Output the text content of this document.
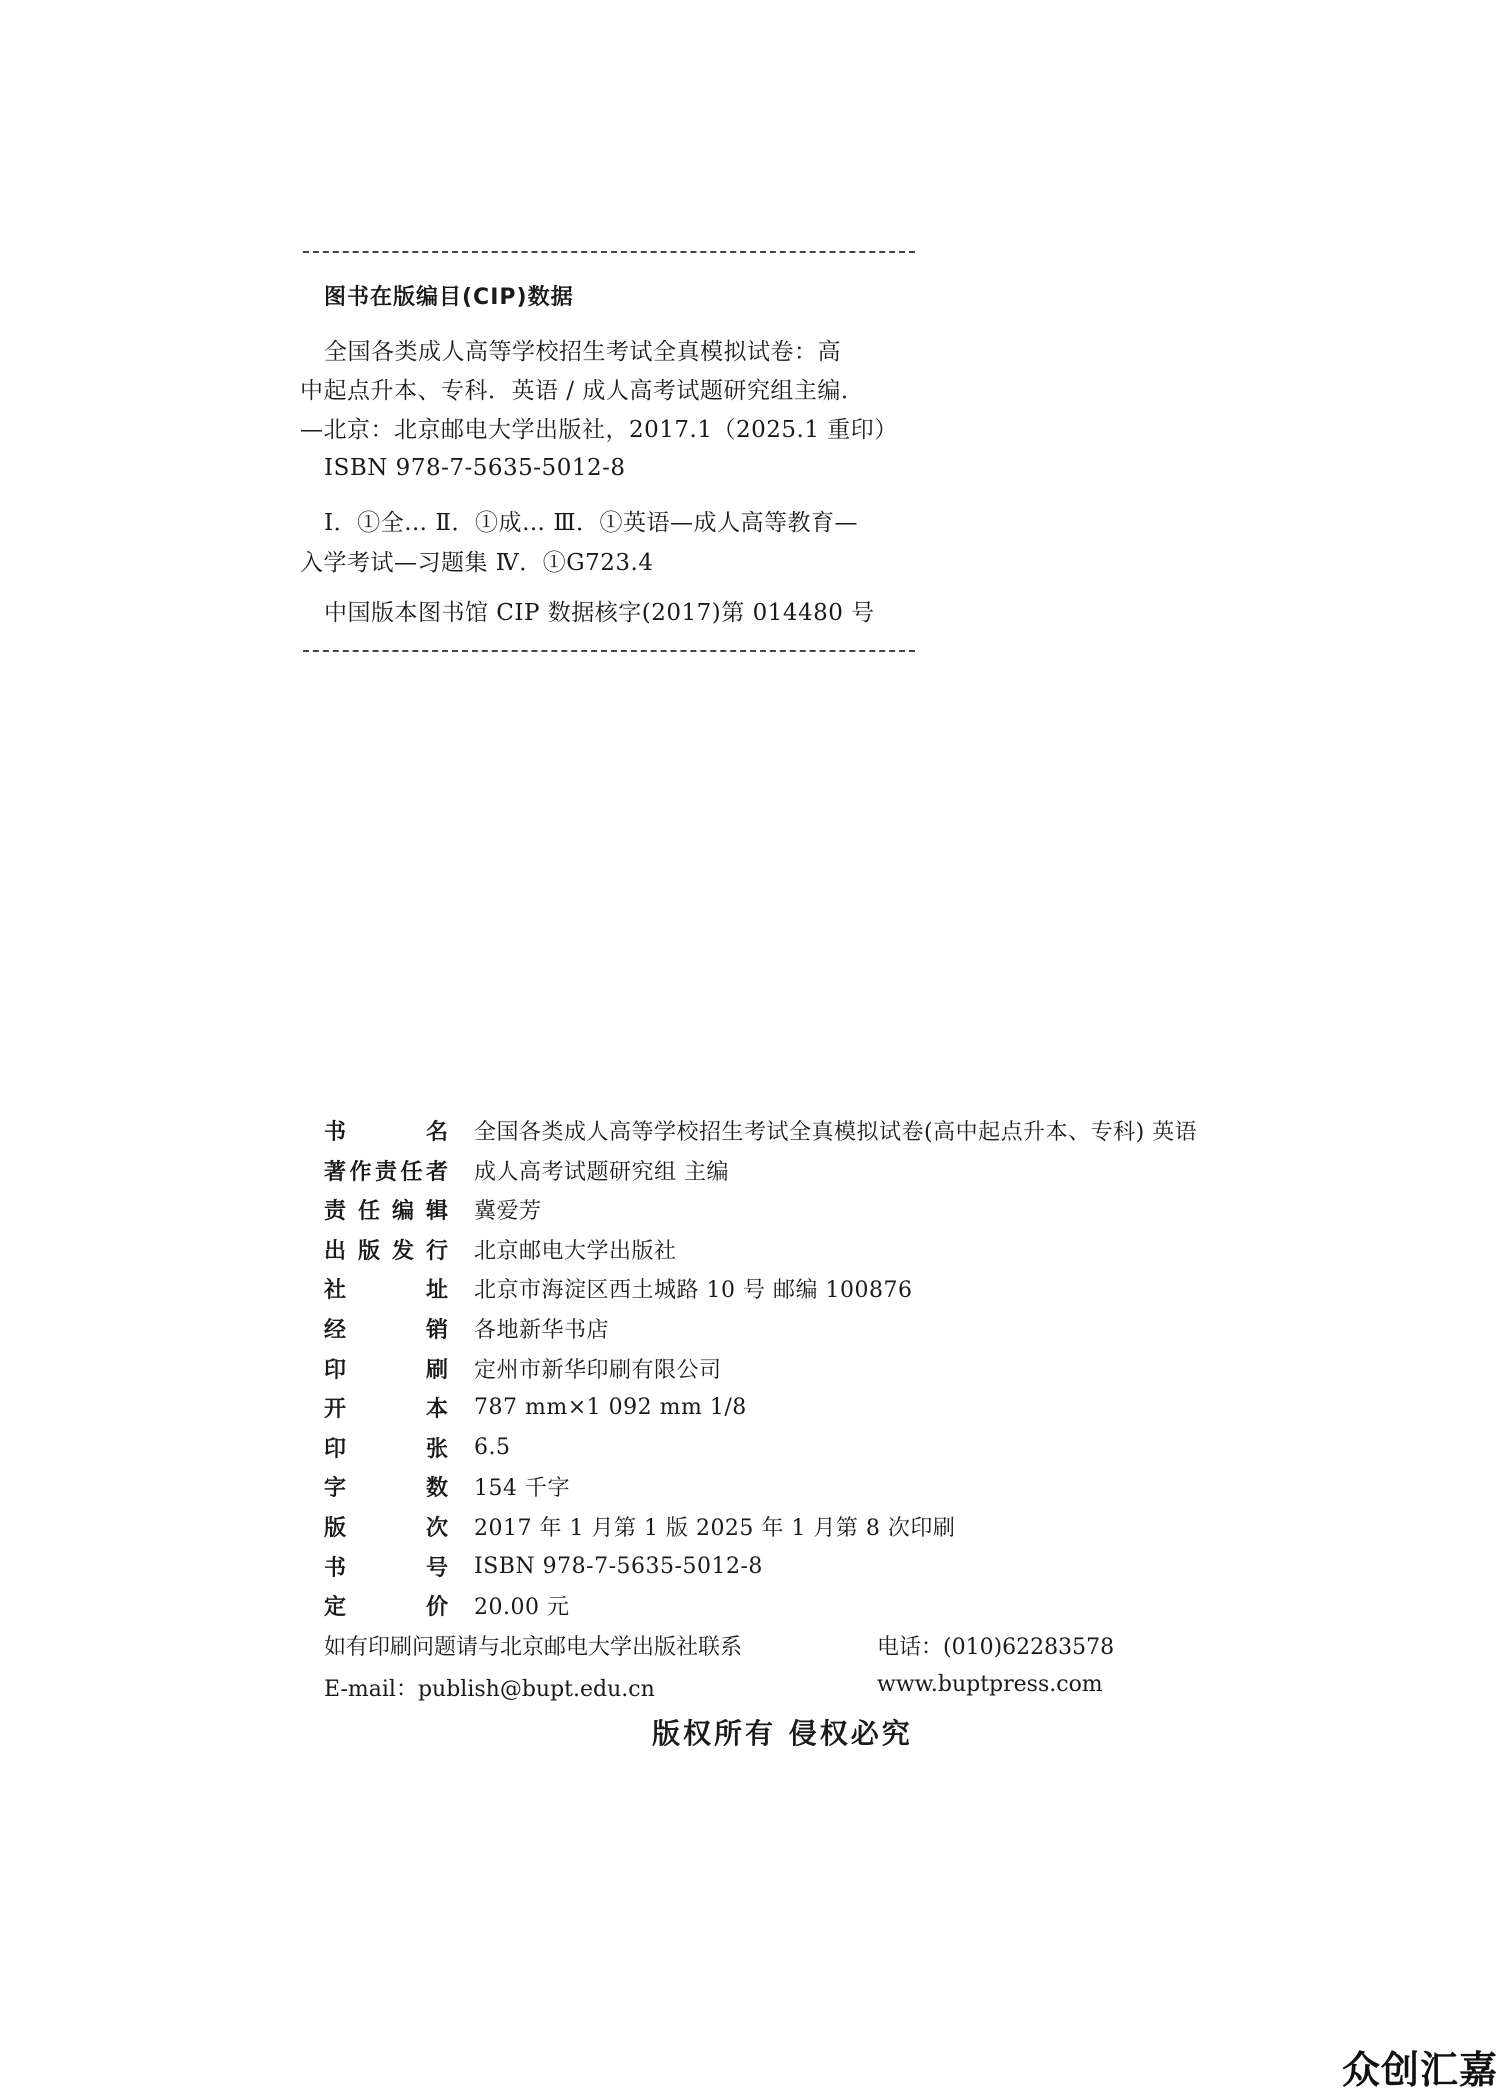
图书在版编目(CIP)数据
全国各类成人高等学校招生考试全真模拟试卷：高
中起点升本、专科．英语 / 成人高考试题研究组主编．
—北京：北京邮电大学出版社，2017.1（2025.1 重印）
ISBN 978-7-5635-5012-8
Ⅰ．①全… Ⅱ．①成… Ⅲ．①英语—成人高等教育—
入学考试—习题集 Ⅳ．①G723.4
中国版本图书馆 CIP 数据核字(2017)第 014480 号
书	名 全国各类成人高等学校招生考试全真模拟试卷(高中起点升本、专科) 英语
著 作 责 任 者 成人高考试题研究组 主编
责 任 编 辑 冀爱芳
出 版 发 行 北京邮电大学出版社
社	址 北京市海淀区西土城路 10 号 邮编 100876
经	销 各地新华书店
印	刷 定州市新华印刷有限公司
开	本 787 mm×1 092 mm 1/8
印	张 6.5
字	数 154 千字
版	次 2017 年 1 月第 1 版 2025 年 1 月第 8 次印刷
书	号 ISBN 978-7-5635-5012-8
定	价 20.00 元
如有印刷问题请与北京邮电大学出版社联系	电话：(010)62283578
E-mail：publish@bupt.edu.cn	www.buptpress.com
版权所有 侵权必究
众创汇嘉
